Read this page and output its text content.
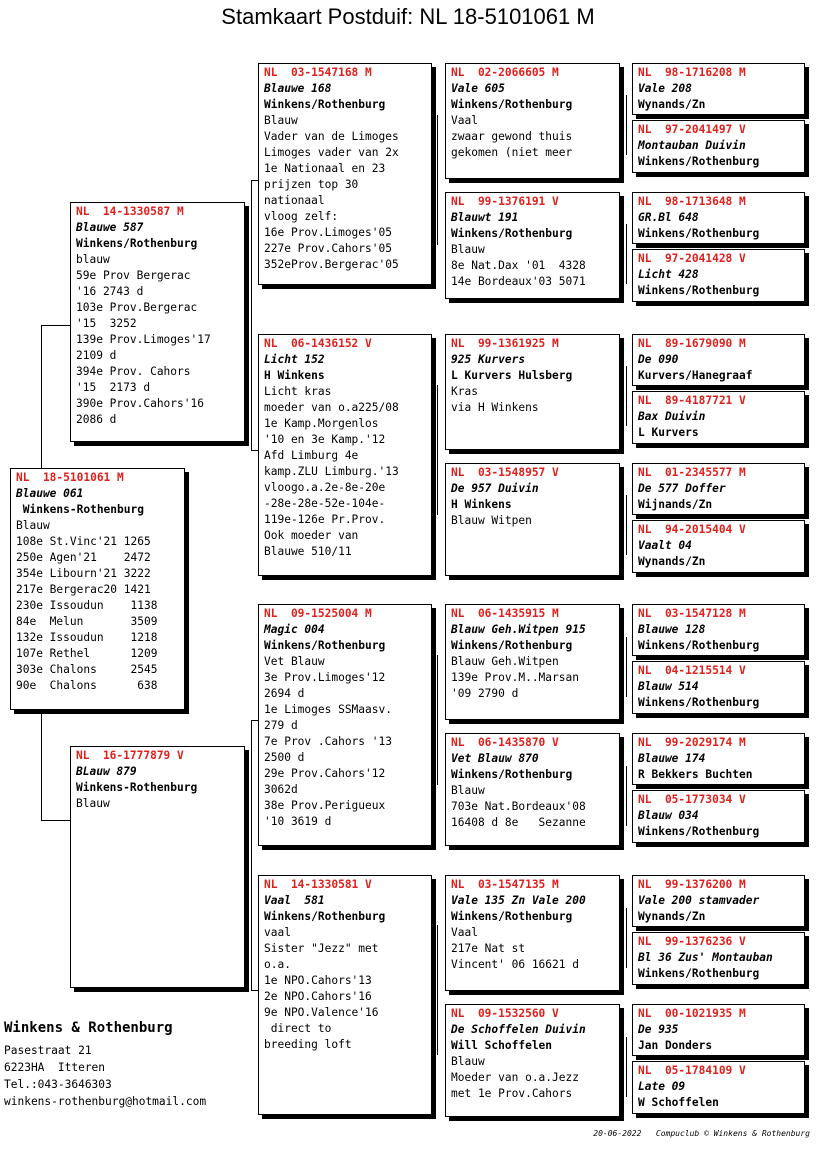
Stamkaart Postduif: NL 18-5101061 M
NL  18-5101061 M
Blauwe 061
Winkens-Rothenburg
Blauw
108e St.Vinc'21 1265
250e Agen'21    2472
354e Libourn'21 3222
217e Bergerac20 1421
230e Issoudun    1138
84e  Melun       3509
132e Issoudun    1218
107e Rethel      1209
303e Chalons     2545
90e  Chalons      638
NL  14-1330587 M
Blauwe 587
Winkens/Rothenburg
blauw
59e Prov Bergerac
'16 2743 d
103e Prov.Bergerac
'15  3252
139e Prov.Limoges'17
2109 d
394e Prov. Cahors
'15  2173 d
390e Prov.Cahors'16
2086 d
NL  16-1777879 V
BLauw 879
Winkens-Rothenburg
Blauw
NL  03-1547168 M
Blauwe 168
Winkens/Rothenburg
Blauw
Vader van de Limoges
Limoges vader van 2x
1e Nationaal en 23
prijzen top 30
nationaal
vloog zelf:
16e Prov.Limoges'05
227e Prov.Cahors'05
352eProv.Bergerac'05
NL  06-1436152 V
Licht 152
H Winkens
Licht kras
moeder van o.a225/08
1e Kamp.Morgenlos
'10 en 3e Kamp.'12
Afd Limburg 4e
kamp.ZLU Limburg.'13
vloogo.a.2e-8e-20e
-28e-28e-52e-104e-
119e-126e Pr.Prov.
Ook moeder van
Blauwe 510/11
NL  09-1525004 M
Magic 004
Winkens/Rothenburg
Vet Blauw
3e Prov.Limoges'12
2694 d
1e Limoges SSMaasv.
279 d
7e Prov .Cahors '13
2500 d
29e Prov.Cahors'12
3062d
38e Prov.Perigueux
'10 3619 d
NL  14-1330581 V
Vaal  581
Winkens/Rothenburg
vaal
Sister "Jezz" met
o.a.
1e NPO.Cahors'13
2e NPO.Cahors'16
9e NPO.Valence'16
direct to
breeding loft
NL  02-2066605 M
Vale 605
Winkens/Rothenburg
Vaal
zwaar gewond thuis
gekomen (niet meer
NL  99-1376191 V
Blauwt 191
Winkens/Rothenburg
Blauw
8e Nat.Dax '01  4328
14e Bordeaux'03 5071
NL  99-1361925 M
925 Kurvers
L Kurvers Hulsberg
Kras
via H Winkens
NL  03-1548957 V
De 957 Duivin
H Winkens
Blauw Witpen
NL  06-1435915 M
Blauw Geh.Witpen 915
Winkens/Rothenburg
Blauw Geh.Witpen
139e Prov.M..Marsan
'09 2790 d
NL  06-1435870 V
Vet Blauw 870
Winkens/Rothenburg
Blauw
703e Nat.Bordeaux'08
16408 d 8e   Sezanne
NL  03-1547135 M
Vale 135 Zn Vale 200
Winkens/Rothenburg
Vaal
217e Nat st
Vincent' 06 16621 d
NL  09-1532560 V
De Schoffelen Duivin
Will Schoffelen
Blauw
Moeder van o.a.Jezz
met 1e Prov.Cahors
NL  98-1716208 M
Vale 208
Wynands/Zn
NL  97-2041497 V
Montauban Duivin
Winkens/Rothenburg
NL  98-1713648 M
GR.Bl 648
Winkens/Rothenburg
NL  97-2041428 V
Licht 428
Winkens/Rothenburg
NL  89-1679090 M
De 090
Kurvers/Hanegraaf
NL  89-4187721 V
Bax Duivin
L Kurvers
NL  01-2345577 M
De 577 Doffer
Wijnands/Zn
NL  94-2015404 V
Vaalt 04
Wynands/Zn
NL  03-1547128 M
Blauwe 128
Winkens/Rothenburg
NL  04-1215514 V
Blauw 514
Winkens/Rothenburg
NL  99-2029174 M
Blauwe 174
R Bekkers Buchten
NL  05-1773034 V
Blauw 034
Winkens/Rothenburg
NL  99-1376200 M
Vale 200 stamvader
Wynands/Zn
NL  99-1376236 V
Bl 36 Zus' Montauban
Winkens/Rothenburg
NL  00-1021935 M
De 935
Jan Donders
NL  05-1784109 V
Late 09
W Schoffelen
Winkens & Rothenburg
Pasestraat 21
6223HA  Itteren
Tel.:043-3646303
winkens-rothenburg@hotmail.com
20-06-2022 Compuclub © Winkens & Rothenburg
